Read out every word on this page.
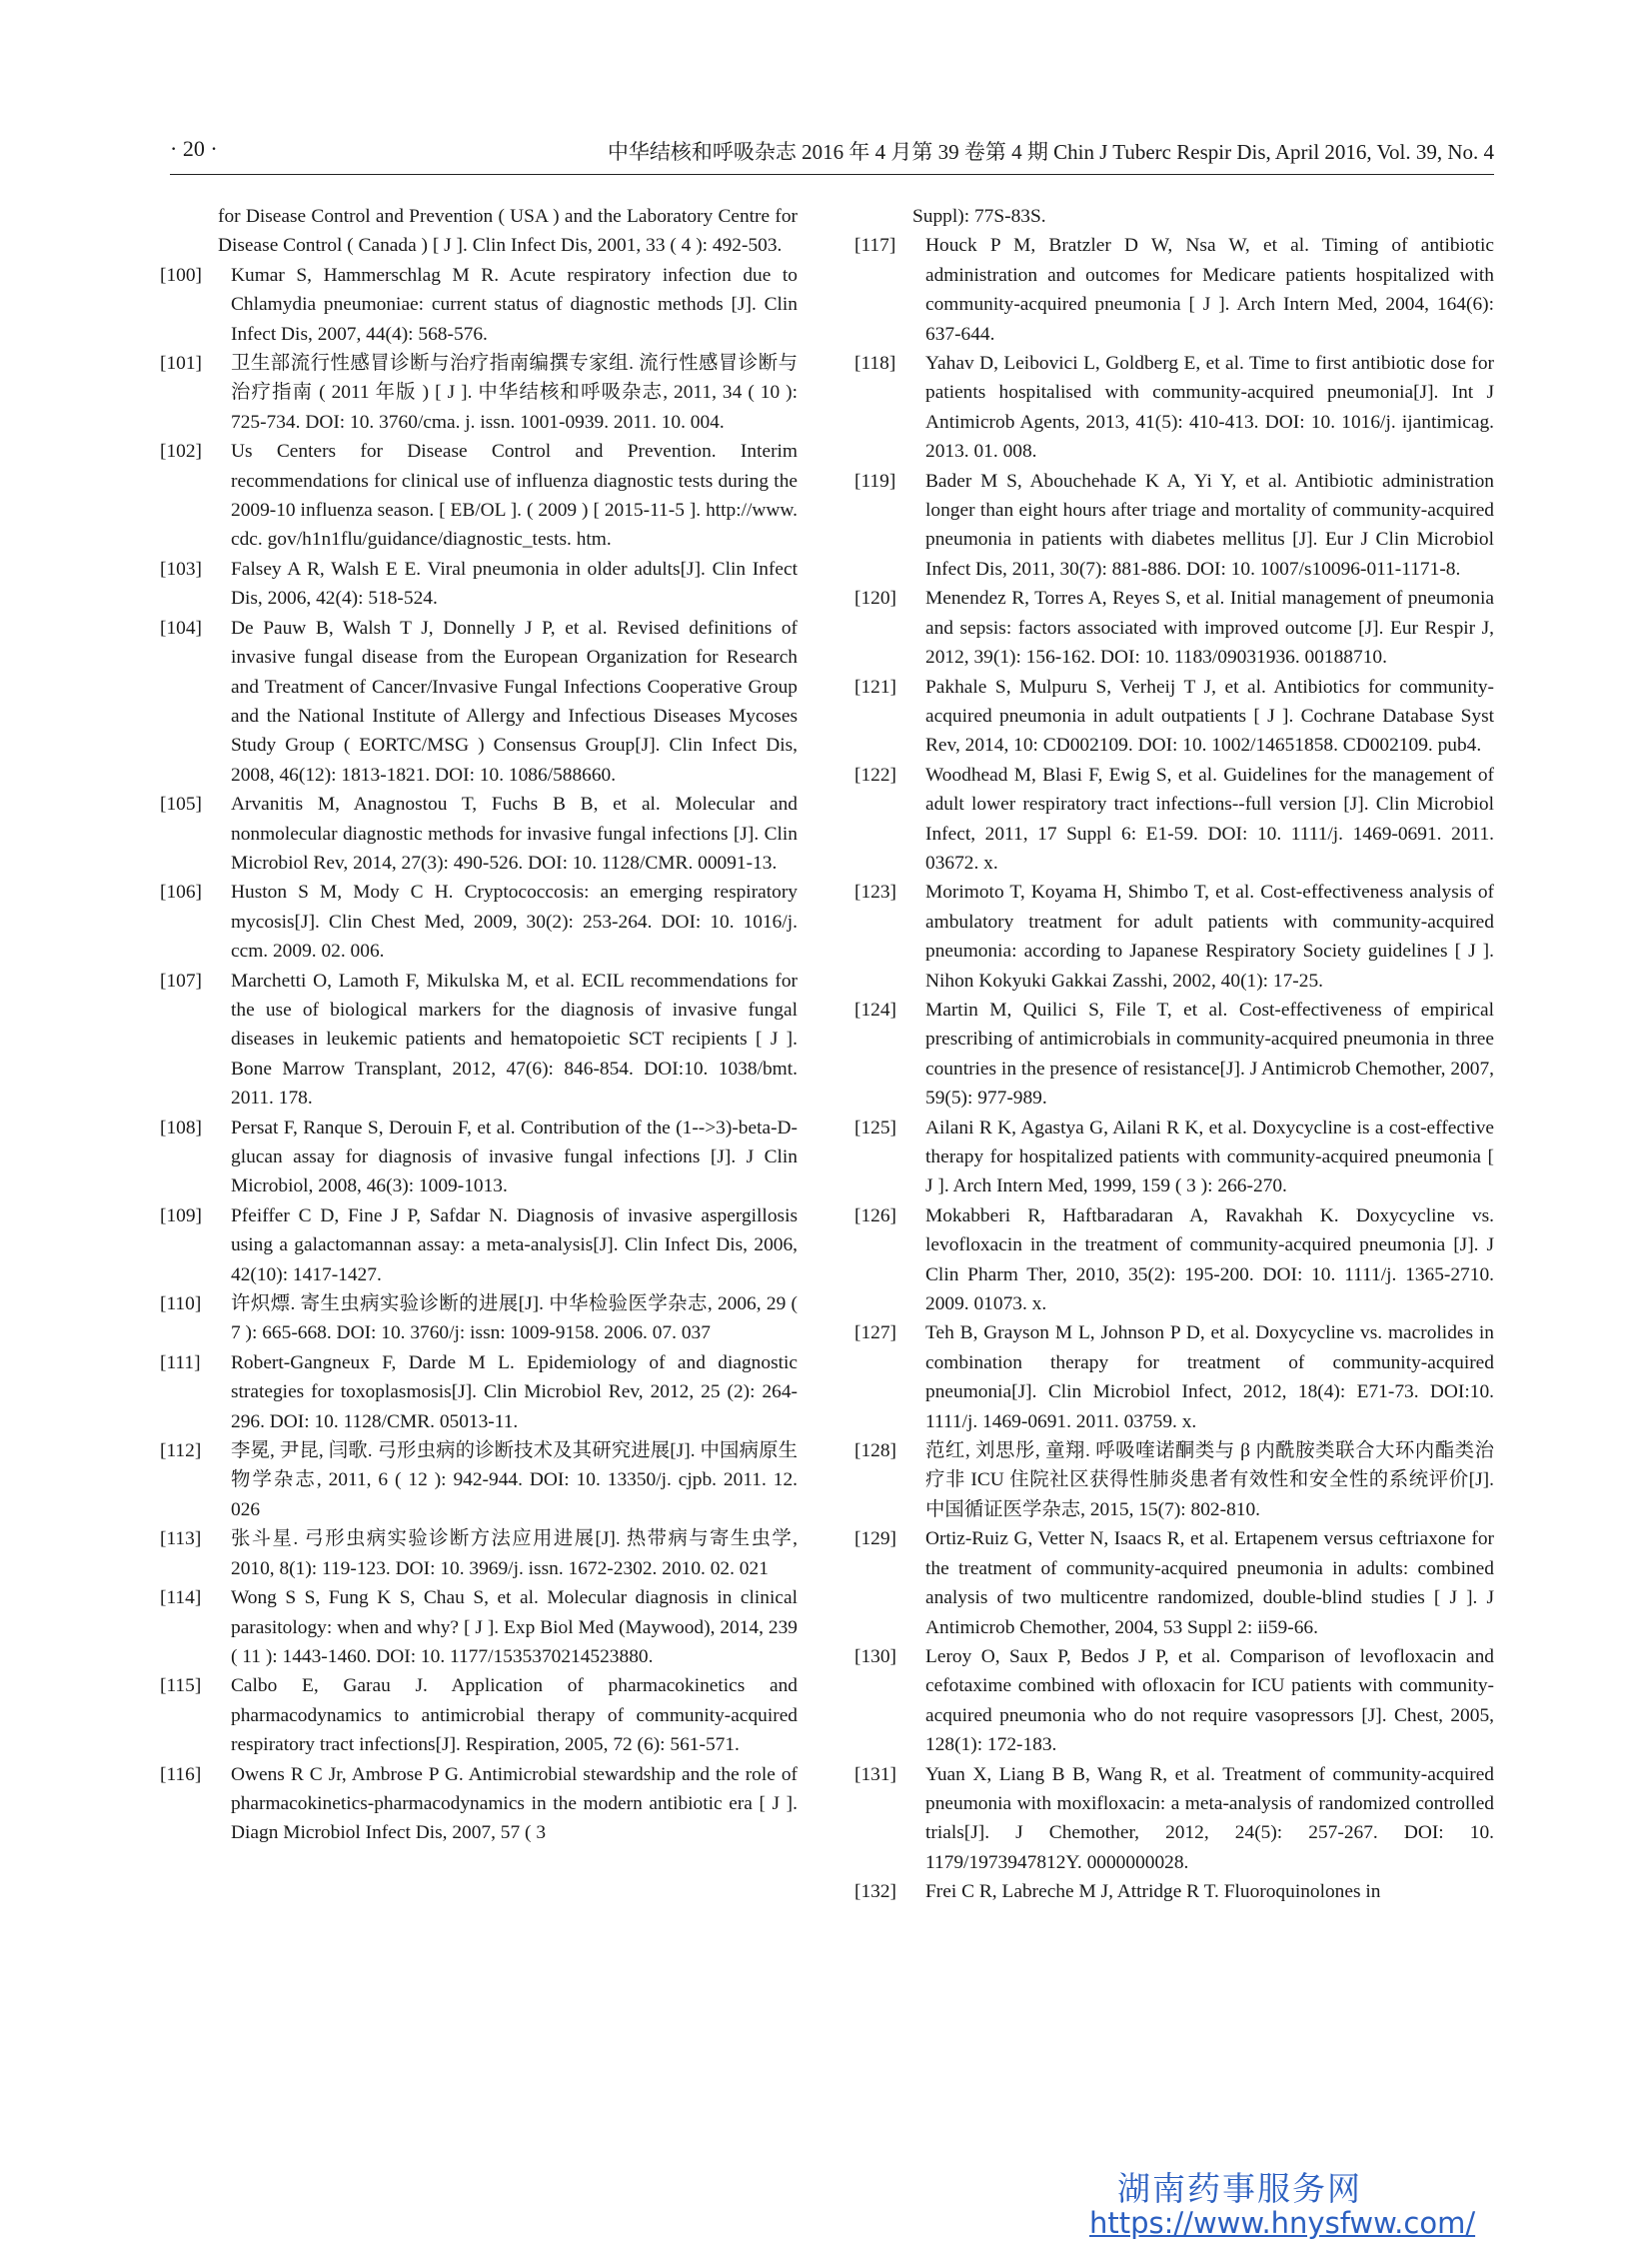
· 20 ·	中华结核和呼吸杂志 2016 年 4 月第 39 卷第 4 期 Chin J Tuberc Respir Dis, April 2016, Vol. 39, No. 4
for Disease Control and Prevention ( USA ) and the Laboratory Centre for Disease Control ( Canada ) [ J ]. Clin Infect Dis, 2001, 33 ( 4 ): 492-503.
[100] Kumar S, Hammerschlag M R. Acute respiratory infection due to Chlamydia pneumoniae: current status of diagnostic methods [J]. Clin Infect Dis, 2007, 44(4): 568-576.
[101] 卫生部流行性感冒诊断与治疗指南编撰专家组. 流行性感冒诊断与治疗指南 ( 2011 年版 ) [ J ]. 中华结核和呼吸杂志, 2011, 34 ( 10 ): 725-734. DOI: 10. 3760/cma. j. issn. 1001-0939. 2011. 10. 004.
[102] Us Centers for Disease Control and Prevention. Interim recommendations for clinical use of influenza diagnostic tests during the 2009-10 influenza season. [ EB/OL ]. ( 2009 ) [ 2015-11-5 ]. http://www. cdc. gov/h1n1flu/guidance/diagnostic_tests. htm.
[103] Falsey A R, Walsh E E. Viral pneumonia in older adults[J]. Clin Infect Dis, 2006, 42(4): 518-524.
[104] De Pauw B, Walsh T J, Donnelly J P, et al. Revised definitions of invasive fungal disease from the European Organization for Research and Treatment of Cancer/Invasive Fungal Infections Cooperative Group and the National Institute of Allergy and Infectious Diseases Mycoses Study Group ( EORTC/MSG ) Consensus Group[J]. Clin Infect Dis, 2008, 46(12): 1813-1821. DOI: 10. 1086/588660.
[105] Arvanitis M, Anagnostou T, Fuchs B B, et al. Molecular and nonmolecular diagnostic methods for invasive fungal infections [J]. Clin Microbiol Rev, 2014, 27(3): 490-526. DOI: 10. 1128/CMR. 00091-13.
[106] Huston S M, Mody C H. Cryptococcosis: an emerging respiratory mycosis[J]. Clin Chest Med, 2009, 30(2): 253-264. DOI: 10. 1016/j. ccm. 2009. 02. 006.
[107] Marchetti O, Lamoth F, Mikulska M, et al. ECIL recommendations for the use of biological markers for the diagnosis of invasive fungal diseases in leukemic patients and hematopoietic SCT recipients [ J ]. Bone Marrow Transplant, 2012, 47(6): 846-854. DOI:10. 1038/bmt. 2011. 178.
[108] Persat F, Ranque S, Derouin F, et al. Contribution of the (1-->3)-beta-D-glucan assay for diagnosis of invasive fungal infections [J]. J Clin Microbiol, 2008, 46(3): 1009-1013.
[109] Pfeiffer C D, Fine J P, Safdar N. Diagnosis of invasive aspergillosis using a galactomannan assay: a meta-analysis[J]. Clin Infect Dis, 2006, 42(10): 1417-1427.
[110] 许炽熛. 寄生虫病实验诊断的进展[J]. 中华检验医学杂志, 2006, 29 ( 7 ): 665-668. DOI: 10. 3760/j: issn: 1009-9158. 2006. 07. 037
[111] Robert-Gangneux F, Darde M L. Epidemiology of and diagnostic strategies for toxoplasmosis[J]. Clin Microbiol Rev, 2012, 25 (2): 264-296. DOI: 10. 1128/CMR. 05013-11.
[112] 李冕, 尹昆, 闫歌. 弓形虫病的诊断技术及其研究进展[J]. 中国病原生物学杂志, 2011, 6 ( 12 ): 942-944. DOI: 10. 13350/j. cjpb. 2011. 12. 026
[113] 张斗星. 弓形虫病实验诊断方法应用进展[J]. 热带病与寄生虫学, 2010, 8(1): 119-123. DOI: 10. 3969/j. issn. 1672-2302. 2010. 02. 021
[114] Wong S S, Fung K S, Chau S, et al. Molecular diagnosis in clinical parasitology: when and why? [ J ]. Exp Biol Med (Maywood), 2014, 239 ( 11 ): 1443-1460. DOI: 10. 1177/1535370214523880.
[115] Calbo E, Garau J. Application of pharmacokinetics and pharmacodynamics to antimicrobial therapy of community-acquired respiratory tract infections[J]. Respiration, 2005, 72 (6): 561-571.
[116] Owens R C Jr, Ambrose P G. Antimicrobial stewardship and the role of pharmacokinetics-pharmacodynamics in the modern antibiotic era [ J ]. Diagn Microbiol Infect Dis, 2007, 57 ( 3
Suppl): 77S-83S.
[117] Houck P M, Bratzler D W, Nsa W, et al. Timing of antibiotic administration and outcomes for Medicare patients hospitalized with community-acquired pneumonia [ J ]. Arch Intern Med, 2004, 164(6): 637-644.
[118] Yahav D, Leibovici L, Goldberg E, et al. Time to first antibiotic dose for patients hospitalised with community-acquired pneumonia[J]. Int J Antimicrob Agents, 2013, 41(5): 410-413. DOI: 10. 1016/j. ijantimicag. 2013. 01. 008.
[119] Bader M S, Abouchehade K A, Yi Y, et al. Antibiotic administration longer than eight hours after triage and mortality of community-acquired pneumonia in patients with diabetes mellitus [J]. Eur J Clin Microbiol Infect Dis, 2011, 30(7): 881-886. DOI: 10. 1007/s10096-011-1171-8.
[120] Menendez R, Torres A, Reyes S, et al. Initial management of pneumonia and sepsis: factors associated with improved outcome [J]. Eur Respir J, 2012, 39(1): 156-162. DOI: 10. 1183/09031936. 00188710.
[121] Pakhale S, Mulpuru S, Verheij T J, et al. Antibiotics for community-acquired pneumonia in adult outpatients [ J ]. Cochrane Database Syst Rev, 2014, 10: CD002109. DOI: 10. 1002/14651858. CD002109. pub4.
[122] Woodhead M, Blasi F, Ewig S, et al. Guidelines for the management of adult lower respiratory tract infections--full version [J]. Clin Microbiol Infect, 2011, 17 Suppl 6: E1-59. DOI: 10. 1111/j. 1469-0691. 2011. 03672. x.
[123] Morimoto T, Koyama H, Shimbo T, et al. Cost-effectiveness analysis of ambulatory treatment for adult patients with community-acquired pneumonia: according to Japanese Respiratory Society guidelines [ J ]. Nihon Kokyuki Gakkai Zasshi, 2002, 40(1): 17-25.
[124] Martin M, Quilici S, File T, et al. Cost-effectiveness of empirical prescribing of antimicrobials in community-acquired pneumonia in three countries in the presence of resistance[J]. J Antimicrob Chemother, 2007, 59(5): 977-989.
[125] Ailani R K, Agastya G, Ailani R K, et al. Doxycycline is a cost-effective therapy for hospitalized patients with community-acquired pneumonia [ J ]. Arch Intern Med, 1999, 159 ( 3 ): 266-270.
[126] Mokabberi R, Haftbaradaran A, Ravakhah K. Doxycycline vs. levofloxacin in the treatment of community-acquired pneumonia [J]. J Clin Pharm Ther, 2010, 35(2): 195-200. DOI: 10. 1111/j. 1365-2710. 2009. 01073. x.
[127] Teh B, Grayson M L, Johnson P D, et al. Doxycycline vs. macrolides in combination therapy for treatment of community-acquired pneumonia[J]. Clin Microbiol Infect, 2012, 18(4): E71-73. DOI:10. 1111/j. 1469-0691. 2011. 03759. x.
[128] 范红, 刘思彤, 童翔. 呼吸喹诺酮类与 β 内酰胺类联合大环内酯类治疗非 ICU 住院社区获得性肺炎患者有效性和安全性的系统评价[J]. 中国循证医学杂志, 2015, 15(7): 802-810.
[129] Ortiz-Ruiz G, Vetter N, Isaacs R, et al. Ertapenem versus ceftriaxone for the treatment of community-acquired pneumonia in adults: combined analysis of two multicentre randomized, double-blind studies [ J ]. J Antimicrob Chemother, 2004, 53 Suppl 2: ii59-66.
[130] Leroy O, Saux P, Bedos J P, et al. Comparison of levofloxacin and cefotaxime combined with ofloxacin for ICU patients with community-acquired pneumonia who do not require vasopressors [J]. Chest, 2005, 128(1): 172-183.
[131] Yuan X, Liang B B, Wang R, et al. Treatment of community-acquired pneumonia with moxifloxacin: a meta-analysis of randomized controlled trials[J]. J Chemother, 2012, 24(5): 257-267. DOI: 10. 1179/1973947812Y. 0000000028.
[132] Frei C R, Labreche M J, Attridge R T. Fluoroquinolones in
湖南药事服务网
https://www.hnysfww.com/
